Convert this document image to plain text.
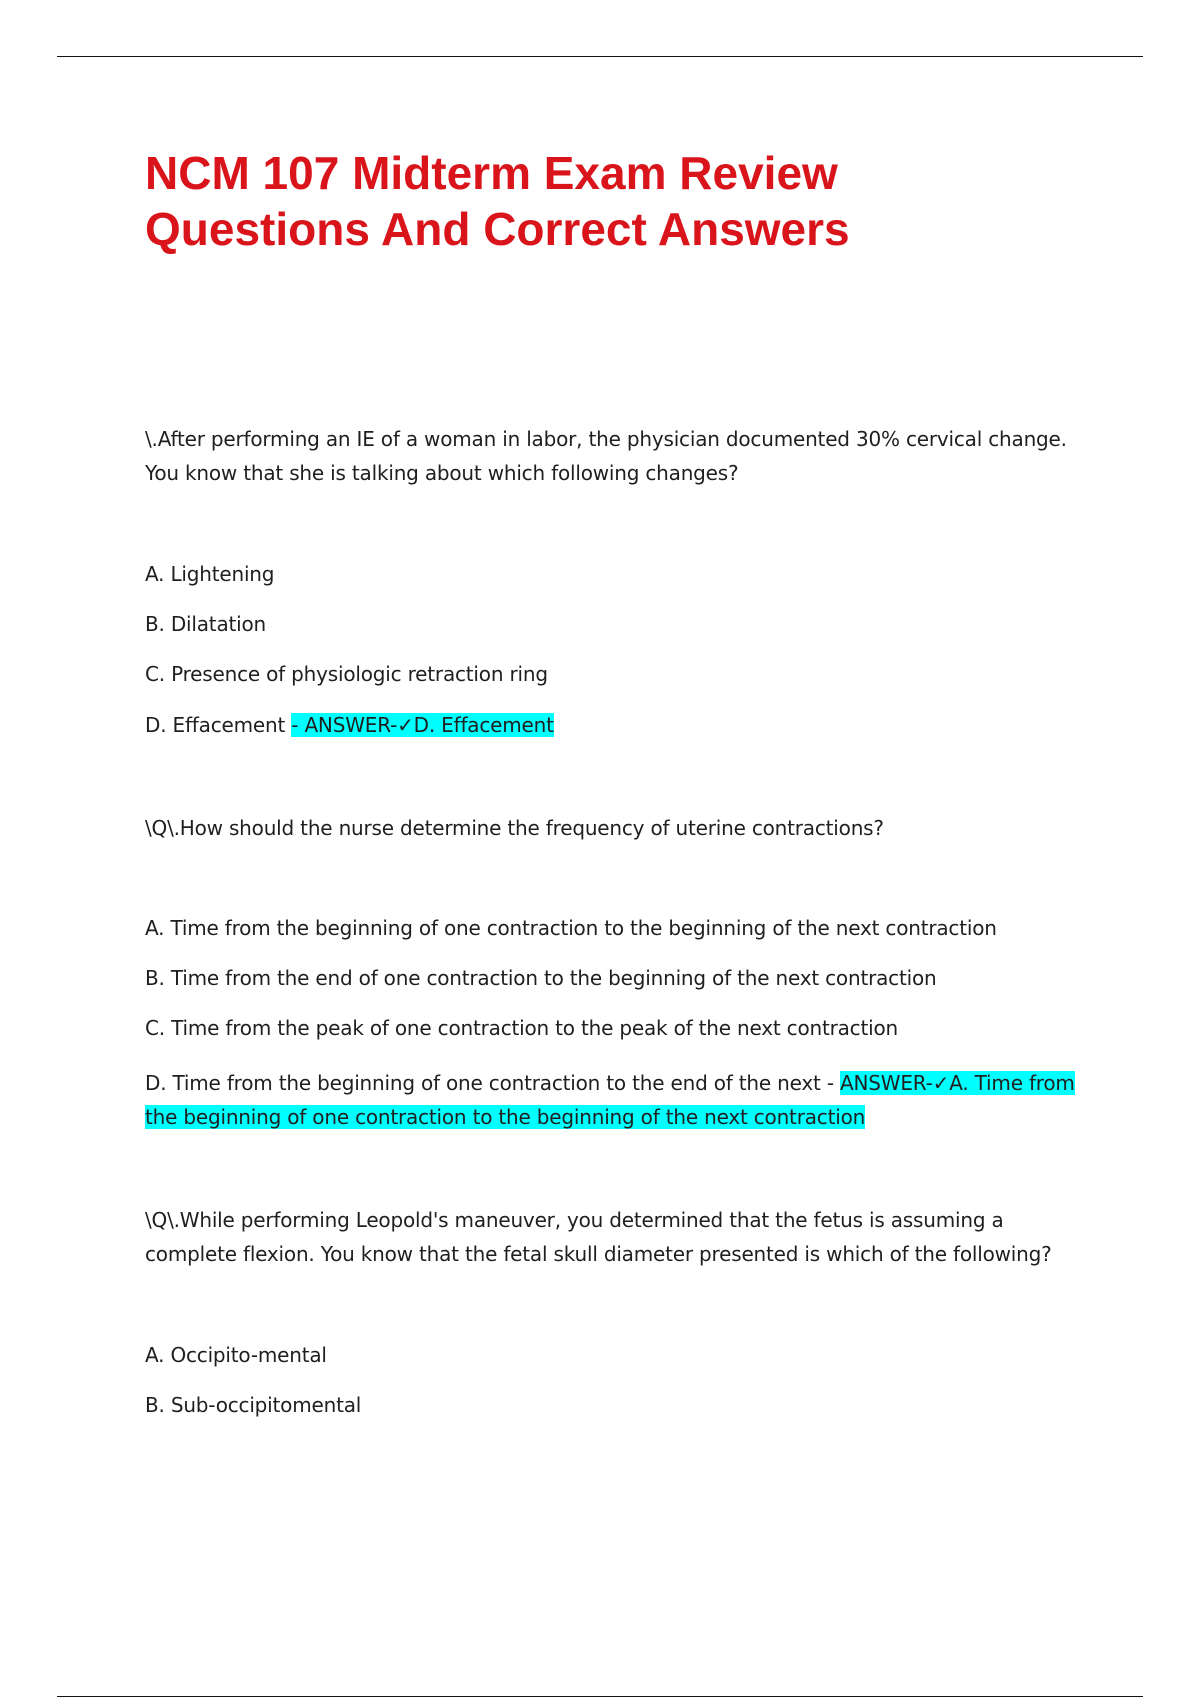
NCM 107 Midterm Exam Review
Questions And Correct Answers

\.After performing an IE of a woman in labor, the physician documented 30% cervical change. You know that she is talking about which following changes?

A. Lightening

B. Dilatation

C. Presence of physiologic retraction ring

D. Effacement - ANSWER-✓D. Effacement

\Q\.How should the nurse determine the frequency of uterine contractions?

A. Time from the beginning of one contraction to the beginning of the next contraction

B. Time from the end of one contraction to the beginning of the next contraction

C. Time from the peak of one contraction to the peak of the next contraction

D. Time from the beginning of one contraction to the end of the next - ANSWER-✓A. Time from the beginning of one contraction to the beginning of the next contraction

\Q\.While performing Leopold's maneuver, you determined that the fetus is assuming a complete flexion. You know that the fetal skull diameter presented is which of the following?

A. Occipito-mental

B. Sub-occipitomental
